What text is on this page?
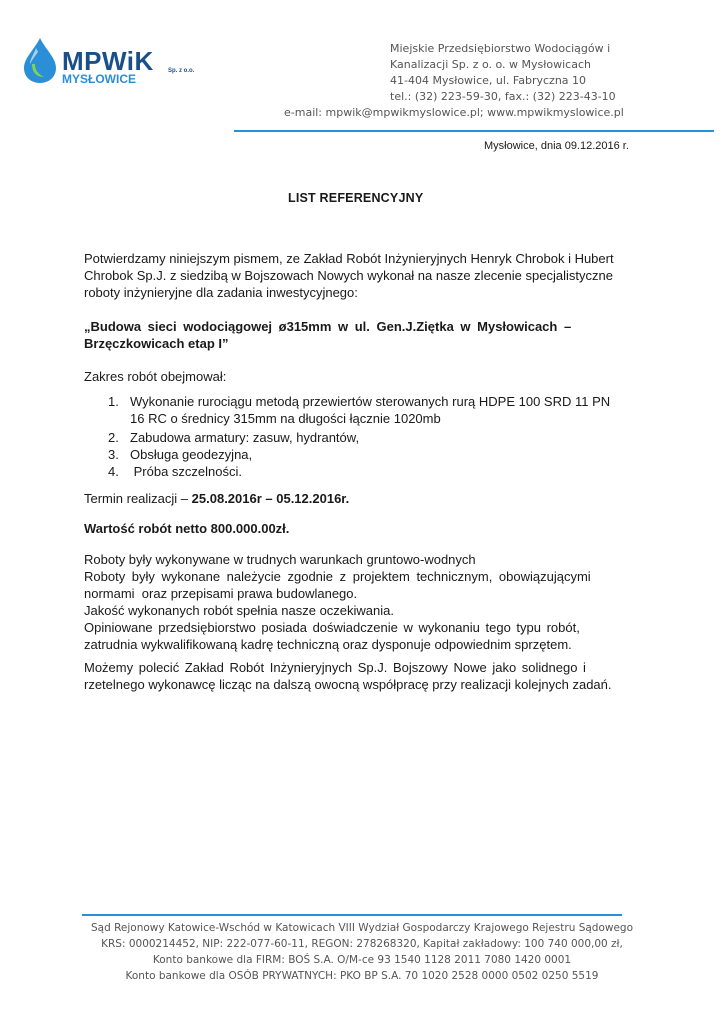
MPWiK
MYSŁOWICE
Sp. z o.o.
Miejskie Przedsiębiorstwo Wodociągów i
Kanalizacji Sp. z o. o. w Mysłowicach
41-404 Mysłowice, ul. Fabryczna 10
tel.: (32) 223-59-30, fax.: (32) 223-43-10
e-mail: mpwik@mpwikmyslowice.pl; www.mpwikmyslowice.pl
Mysłowice, dnia 09.12.2016 r.
LIST REFERENCYJNY
Potwierdzamy niniejszym pismem, ze Zakład Robót Inżynieryjnych Henryk Chrobok i Hubert
Chrobok Sp.J. z siedzibą w Bojszowach Nowych wykonał na nasze zlecenie specjalistyczne
roboty inżynieryjne dla zadania inwestycyjnego:
„Budowa sieci wodociągowej ø315mm w ul. Gen.J.Ziętka w Mysłowicach –
Brzęczkowicach etap I”
Zakres robót obejmował:
1. Wykonanie rurociągu metodą przewiertów sterowanych rurą HDPE 100 SRD 11 PN
16 RC o średnicy 315mm na długości łącznie 1020mb
2. Zabudowa armatury: zasuw, hydrantów,
3. Obsługa geodezyjna,
4. Próba szczelności.
Termin realizacji – 25.08.2016r – 05.12.2016r.
Wartość robót netto 800.000.00zł.
Roboty były wykonywane w trudnych warunkach gruntowo-wodnych
Roboty były wykonane należycie zgodnie z projektem technicznym, obowiązującymi
normami  oraz przepisami prawa budowlanego.
Jakość wykonanych robót spełnia nasze oczekiwania.
Opiniowane przedsiębiorstwo posiada doświadczenie w wykonaniu tego typu robót,
zatrudnia wykwalifikowaną kadrę techniczną oraz dysponuje odpowiednim sprzętem.
Możemy polecić Zakład Robót Inżynieryjnych Sp.J. Bojszowy Nowe jako solidnego i
rzetelnego wykonawcę licząc na dalszą owocną współpracę przy realizacji kolejnych zadań.
Sąd Rejonowy Katowice-Wschód w Katowicach VIII Wydział Gospodarczy Krajowego Rejestru Sądowego
KRS: 0000214452, NIP: 222-077-60-11, REGON: 278268320, Kapitał zakładowy: 100 740 000,00 zł,
Konto bankowe dla FIRM: BOŚ S.A. O/M-ce 93 1540 1128 2011 7080 1420 0001
Konto bankowe dla OSÓB PRYWATNYCH: PKO BP S.A. 70 1020 2528 0000 0502 0250 5519
